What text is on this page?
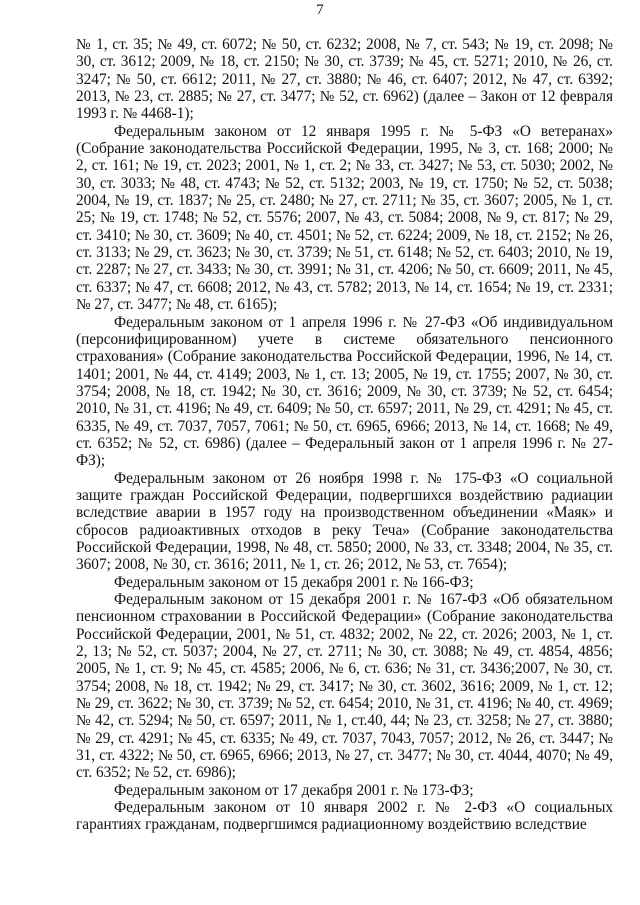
7

№ 1, ст. 35; № 49, ст. 6072; № 50, ст. 6232; 2008, № 7, ст. 543; № 19, ст. 2098; № 30, ст. 3612; 2009, № 18, ст. 2150; № 30, ст. 3739; № 45, ст. 5271; 2010, № 26, ст. 3247; № 50, ст. 6612; 2011, № 27, ст. 3880; № 46, ст. 6407; 2012, № 47, ст. 6392; 2013, № 23, ст. 2885; № 27, ст. 3477; № 52, ст. 6962) (далее – Закон от 12 февраля 1993 г. № 4468-1);

Федеральным законом от 12 января 1995 г. № 5-ФЗ «О ветеранах» (Собрание законодательства Российской Федерации, 1995, № 3, ст. 168; 2000; № 2, ст. 161; № 19, ст. 2023; 2001, № 1, ст. 2; № 33, ст. 3427; № 53, ст. 5030; 2002, № 30, ст. 3033; № 48, ст. 4743; № 52, ст. 5132; 2003, № 19, ст. 1750; № 52, ст. 5038; 2004, № 19, ст. 1837; № 25, ст. 2480; № 27, ст. 2711; № 35, ст. 3607; 2005, № 1, ст. 25; № 19, ст. 1748; № 52, ст. 5576; 2007, № 43, ст. 5084; 2008, № 9, ст. 817; № 29, ст. 3410; № 30, ст. 3609; № 40, ст. 4501; № 52, ст. 6224; 2009, № 18, ст. 2152; № 26, ст. 3133; № 29, ст. 3623; № 30, ст. 3739; № 51, ст. 6148; № 52, ст. 6403; 2010, № 19, ст. 2287; № 27, ст. 3433; № 30, ст. 3991; № 31, ст. 4206; № 50, ст. 6609; 2011, № 45, ст. 6337; № 47, ст. 6608; 2012, № 43, ст. 5782; 2013, № 14, ст. 1654; № 19, ст. 2331; № 27, ст. 3477; № 48, ст. 6165);

Федеральным законом от 1 апреля 1996 г. № 27-ФЗ «Об индивидуальном (персонифицированном) учете в системе обязательного пенсионного страхования» (Собрание законодательства Российской Федерации, 1996, № 14, ст. 1401; 2001, № 44, ст. 4149; 2003, № 1, ст. 13; 2005, № 19, ст. 1755; 2007, № 30, ст. 3754; 2008, № 18, ст. 1942; № 30, ст. 3616; 2009, № 30, ст. 3739; № 52, ст. 6454; 2010, № 31, ст. 4196; № 49, ст. 6409; № 50, ст. 6597; 2011, № 29, ст. 4291; № 45, ст. 6335, № 49, ст. 7037, 7057, 7061; № 50, ст. 6965, 6966; 2013, № 14, ст. 1668; № 49, ст. 6352; № 52, ст. 6986) (далее – Федеральный закон от 1 апреля 1996 г. № 27-ФЗ);

Федеральным законом от 26 ноября 1998 г. № 175-ФЗ «О социальной защите граждан Российской Федерации, подвергшихся воздействию радиации вследствие аварии в 1957 году на производственном объединении «Маяк» и сбросов радиоактивных отходов в реку Теча» (Собрание законодательства Российской Федерации, 1998, № 48, ст. 5850; 2000, № 33, ст. 3348; 2004, № 35, ст. 3607; 2008, № 30, ст. 3616; 2011, № 1, ст. 26; 2012, № 53, ст. 7654);

Федеральным законом от 15 декабря 2001 г. № 166-ФЗ;

Федеральным законом от 15 декабря 2001 г. № 167-ФЗ «Об обязательном пенсионном страховании в Российской Федерации» (Собрание законодательства Российской Федерации, 2001, № 51, ст. 4832; 2002, № 22, ст. 2026; 2003, № 1, ст. 2, 13; № 52, ст. 5037; 2004, № 27, ст. 2711; № 30, ст. 3088; № 49, ст. 4854, 4856; 2005, № 1, ст. 9; № 45, ст. 4585; 2006, № 6, ст. 636; № 31, ст. 3436;2007, № 30, ст. 3754; 2008, № 18, ст. 1942; № 29, ст. 3417; № 30, ст. 3602, 3616; 2009, № 1, ст. 12; № 29, ст. 3622; № 30, ст. 3739; № 52, ст. 6454; 2010, № 31, ст. 4196; № 40, ст. 4969; № 42, ст. 5294; № 50, ст. 6597; 2011, № 1, ст.40, 44; № 23, ст. 3258; № 27, ст. 3880; № 29, ст. 4291; № 45, ст. 6335; № 49, ст. 7037, 7043, 7057; 2012, № 26, ст. 3447; № 31, ст. 4322; № 50, ст. 6965, 6966; 2013, № 27, ст. 3477; № 30, ст. 4044, 4070; № 49, ст. 6352; № 52, ст. 6986);

Федеральным законом от 17 декабря 2001 г. № 173-ФЗ;

Федеральным законом от 10 января 2002 г. № 2-ФЗ «О социальных гарантиях гражданам, подвергшимся радиационному воздействию вследствие
